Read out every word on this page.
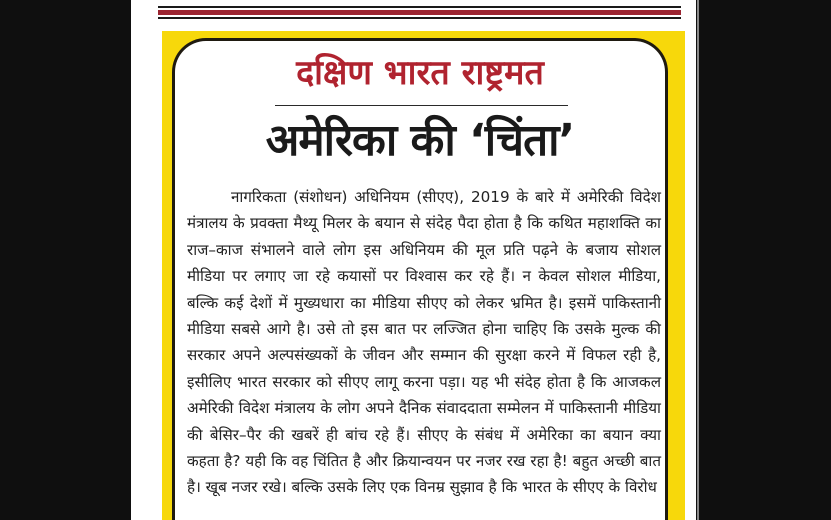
दक्षिण भारत राष्ट्रमत
अमेरिका की ‘चिंता’

नागरिकता (संशोधन) अधिनियम (सीएए), 2019 के बारे में अमेरिकी विदेश मंत्रालय के प्रवक्ता मैथ्यू मिलर के बयान से संदेह पैदा होता है कि कथित महाशक्ति का राज–काज संभालने वाले लोग इस अधिनियम की मूल प्रति पढ़ने के बजाय सोशल मीडिया पर लगाए जा रहे कयासों पर विश्वास कर रहे हैं। न केवल सोशल मीडिया, बल्कि कई देशों में मुख्यधारा का मीडिया सीएए को लेकर भ्रमित है। इसमें पाकिस्तानी मीडिया सबसे आगे है। उसे तो इस बात पर लज्जित होना चाहिए कि उसके मुल्क की सरकार अपने अल्पसंख्यकों के जीवन और सम्मान की सुरक्षा करने में विफल रही है, इसीलिए भारत सरकार को सीएए लागू करना पड़ा। यह भी संदेह होता है कि आजकल अमेरिकी विदेश मंत्रालय के लोग अपने दैनिक संवाददाता सम्मेलन में पाकिस्तानी मीडिया की बेसिर–पैर की खबरें ही बांच रहे हैं। सीएए के संबंध में अमेरिका का बयान क्या कहता है? यही कि वह चिंतित है और क्रियान्वयन पर नजर रख रहा है! बहुत अच्छी बात है। खूब नजर रखे। बल्कि उसके लिए एक विनम्र सुझाव है कि भारत के सीएए के विरोध
